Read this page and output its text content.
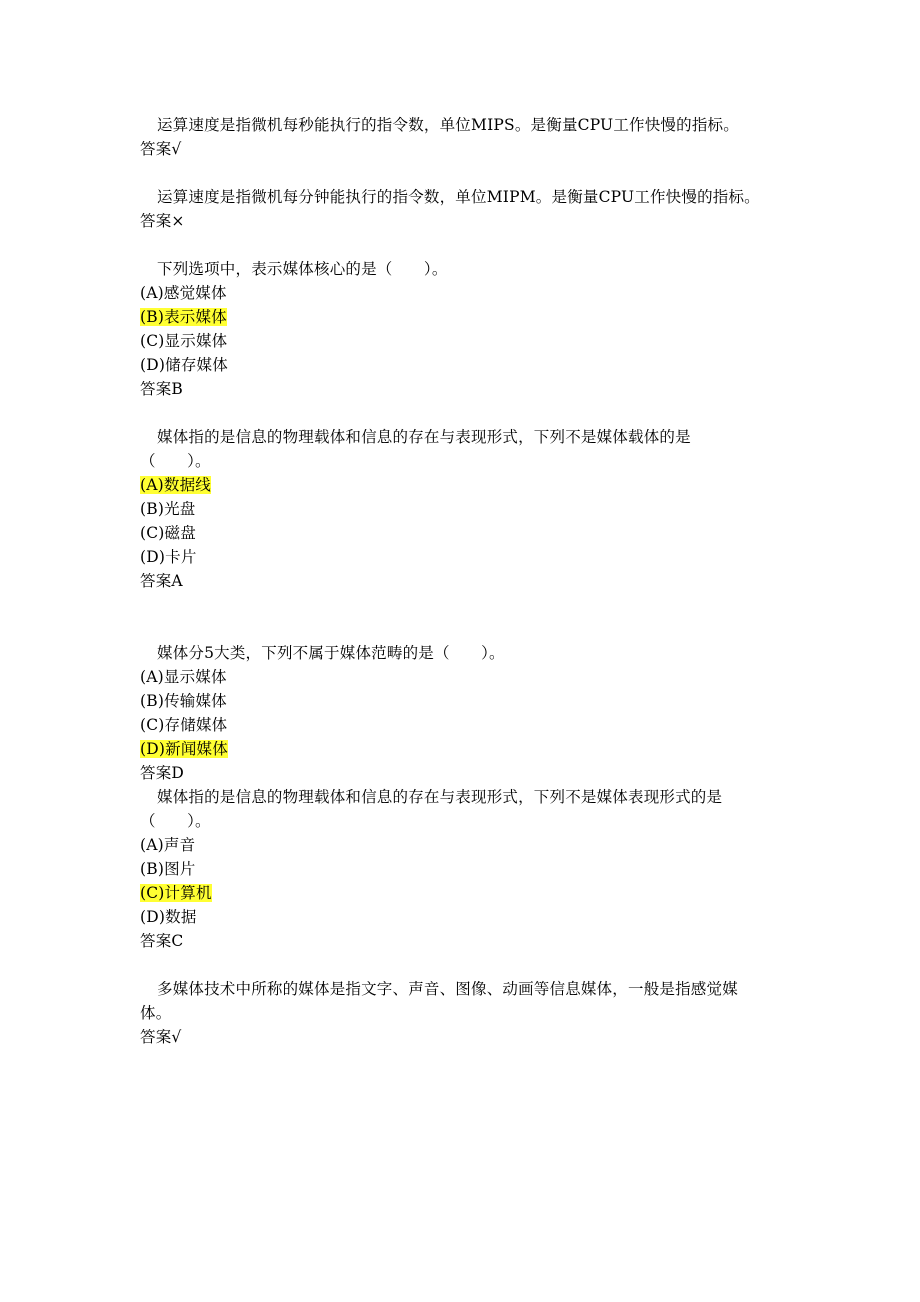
运算速度是指微机每秒能执行的指令数，单位MIPS。是衡量CPU工作快慢的指标。
答案√
运算速度是指微机每分钟能执行的指令数，单位MIPM。是衡量CPU工作快慢的指标。
答案×
下列选项中，表示媒体核心的是（　　）。
(A)感觉媒体
(B)表示媒体
(C)显示媒体
(D)储存媒体
答案B
媒体指的是信息的物理载体和信息的存在与表现形式，下列不是媒体载体的是
（　　）。
(A)数据线
(B)光盘
(C)磁盘
(D)卡片
答案A
媒体分5大类，下列不属于媒体范畴的是（　　）。
(A)显示媒体
(B)传输媒体
(C)存储媒体
(D)新闻媒体
答案D
媒体指的是信息的物理载体和信息的存在与表现形式，下列不是媒体表现形式的是
（　　）。
(A)声音
(B)图片
(C)计算机
(D)数据
答案C
多媒体技术中所称的媒体是指文字、声音、图像、动画等信息媒体，一般是指感觉媒
体。
答案√
